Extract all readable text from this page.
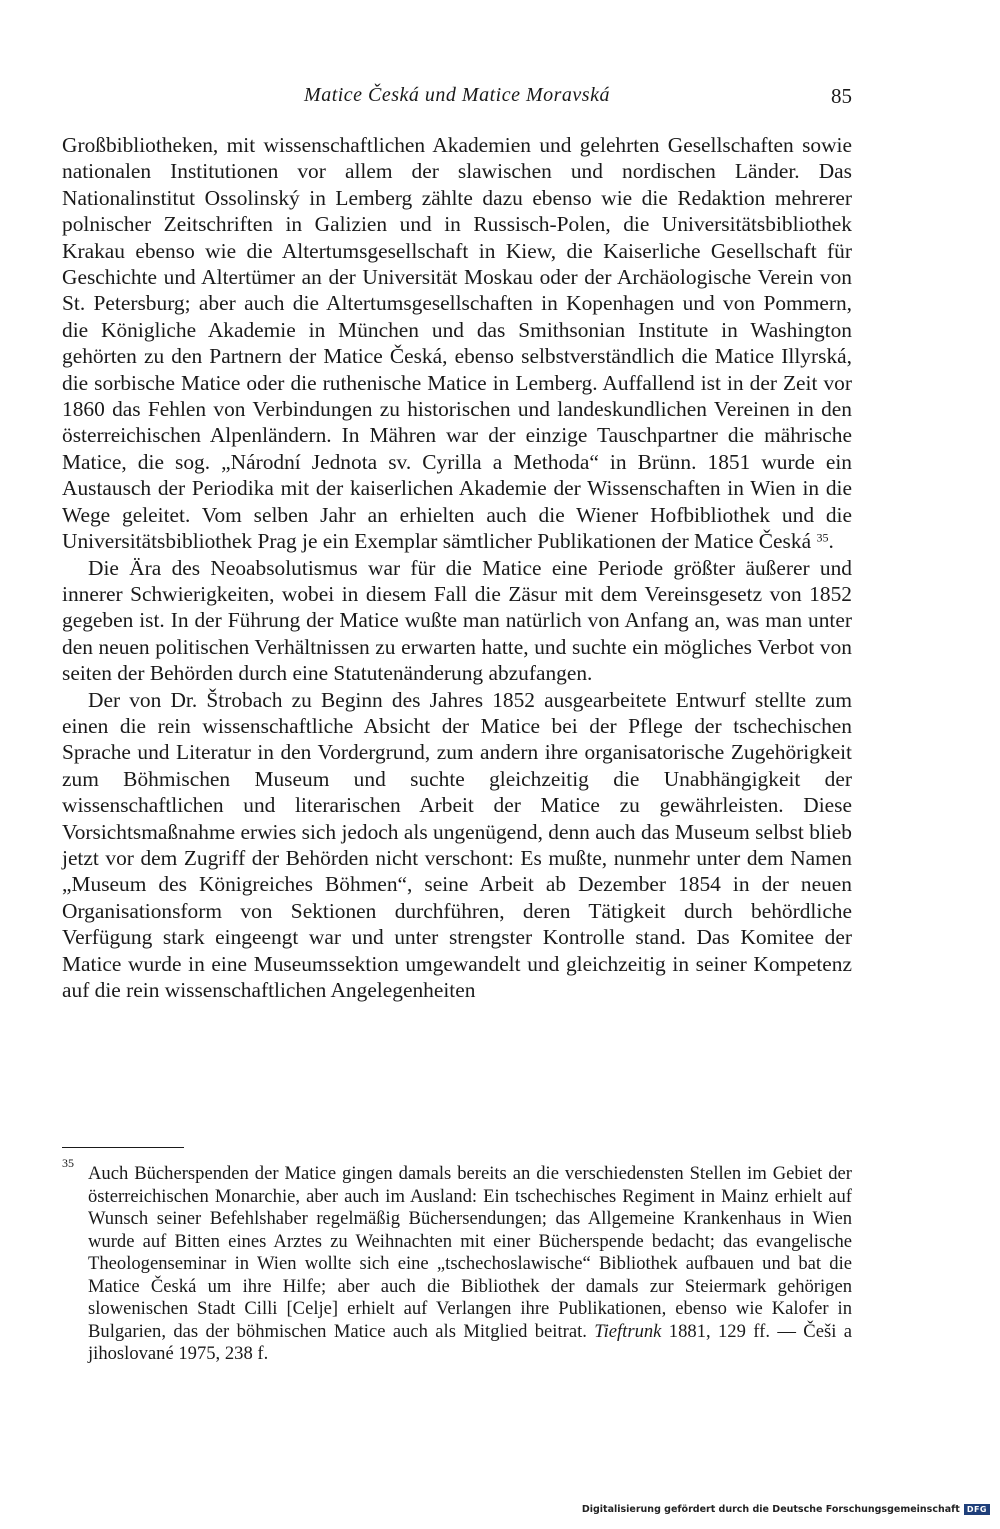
Matice Česká und Matice Moravská	85

Großbibliotheken, mit wissenschaftlichen Akademien und gelehrten Gesellschaften sowie nationalen Institutionen vor allem der slawischen und nordischen Länder. Das Nationalinstitut Ossolinský in Lemberg zählte dazu ebenso wie die Redaktion mehrerer polnischer Zeitschriften in Galizien und in Russisch-Polen, die Universitätsbibliothek Krakau ebenso wie die Altertumsgesellschaft in Kiew, die Kaiserliche Gesellschaft für Geschichte und Altertümer an der Universität Moskau oder der Archäologische Verein von St. Petersburg; aber auch die Altertumsgesellschaften in Kopenhagen und von Pommern, die Königliche Akademie in München und das Smithsonian Institute in Washington gehörten zu den Partnern der Matice Česká, ebenso selbstverständlich die Matice Illyrská, die sorbische Matice oder die ruthenische Matice in Lemberg. Auffallend ist in der Zeit vor 1860 das Fehlen von Verbindungen zu historischen und landeskundlichen Vereinen in den österreichischen Alpenländern. In Mähren war der einzige Tauschpartner die mährische Matice, die sog. „Národní Jednota sv. Cyrilla a Methoda“ in Brünn. 1851 wurde ein Austausch der Periodika mit der kaiserlichen Akademie der Wissenschaften in Wien in die Wege geleitet. Vom selben Jahr an erhielten auch die Wiener Hofbibliothek und die Universitätsbibliothek Prag je ein Exemplar sämtlicher Publikationen der Matice Česká $^{35}$.

Die Ära des Neoabsolutismus war für die Matice eine Periode größter äußerer und innerer Schwierigkeiten, wobei in diesem Fall die Zäsur mit dem Vereinsgesetz von 1852 gegeben ist. In der Führung der Matice wußte man natürlich von Anfang an, was man unter den neuen politischen Verhältnissen zu erwarten hatte, und suchte ein mögliches Verbot von seiten der Behörden durch eine Statutenänderung abzufangen.

Der von Dr. Štrobach zu Beginn des Jahres 1852 ausgearbeitete Entwurf stellte zum einen die rein wissenschaftliche Absicht der Matice bei der Pflege der tschechischen Sprache und Literatur in den Vordergrund, zum andern ihre organisatorische Zugehörigkeit zum Böhmischen Museum und suchte gleichzeitig die Unabhängigkeit der wissenschaftlichen und literarischen Arbeit der Matice zu gewährleisten. Diese Vorsichtsmaßnahme erwies sich jedoch als ungenügend, denn auch das Museum selbst blieb jetzt vor dem Zugriff der Behörden nicht verschont: Es mußte, nunmehr unter dem Namen „Museum des Königreiches Böhmen“, seine Arbeit ab Dezember 1854 in der neuen Organisationsform von Sektionen durchführen, deren Tätigkeit durch behördliche Verfügung stark eingeengt war und unter strengster Kontrolle stand. Das Komitee der Matice wurde in eine Museumssektion umgewandelt und gleichzeitig in seiner Kompetenz auf die rein wissenschaftlichen Angelegenheiten

35 Auch Bücherspenden der Matice gingen damals bereits an die verschiedensten Stellen im Gebiet der österreichischen Monarchie, aber auch im Ausland: Ein tschechisches Regiment in Mainz erhielt auf Wunsch seiner Befehlshaber regelmäßig Büchersendungen; das Allgemeine Krankenhaus in Wien wurde auf Bitten eines Arztes zu Weihnachten mit einer Bücherspende bedacht; das evangelische Theologenseminar in Wien wollte sich eine „tschechoslawische“ Bibliothek aufbauen und bat die Matice Česká um ihre Hilfe; aber auch die Bibliothek der damals zur Steiermark gehörigen slowenischen Stadt Cilli [Celje] erhielt auf Verlangen ihre Publikationen, ebenso wie Kalofer in Bulgarien, das der böhmischen Matice auch als Mitglied beitrat. Tieftrunk 1881, 129 ff. — Češi a jihoslované 1975, 238 f.
Digitalisierung gefördert durch die Deutsche Forschungsgemeinschaft DFG
